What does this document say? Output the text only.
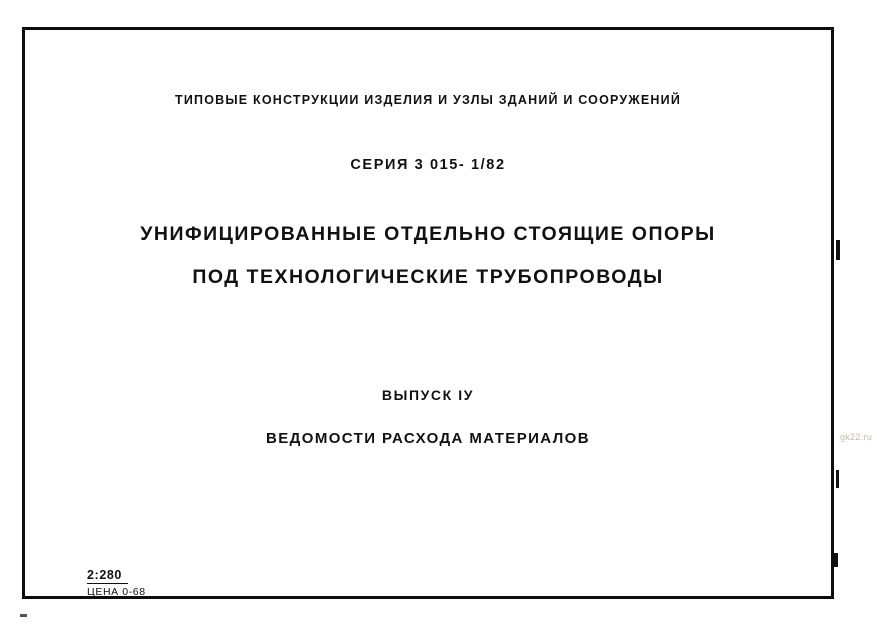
ТИПОВЫЕ КОНСТРУКЦИИ ИЗДЕЛИЯ И УЗЛЫ ЗДАНИЙ И СООРУЖЕНИЙ
СЕРИЯ 3 015- 1/82
УНИФИЦИРОВАННЫЕ ОТДЕЛЬНО СТОЯЩИЕ ОПОРЫ
ПОД ТЕХНОЛОГИЧЕСКИЕ ТРУБОПРОВОДЫ
ВЫПУСК IУ
ВЕДОМОСТИ РАСХОДА МАТЕРИАЛОВ
2:280
ЦЕНА 0-68
gk22.ru
